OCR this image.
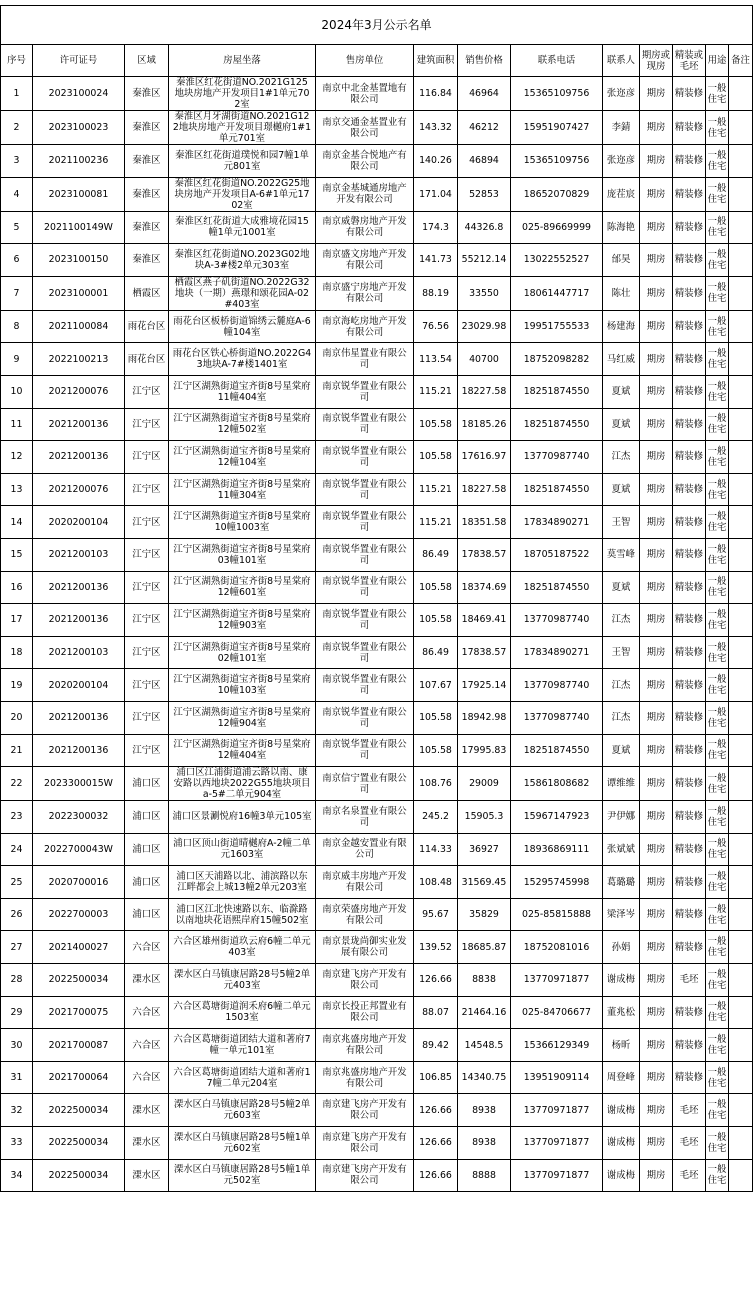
2024年3月公示名单												
序号	许可证号	区域	房屋坐落	售房单位	建筑面积	销售价格	联系电话	联系人	期房或现房	精装或毛坯	用途	备注
1	2023100024	秦淮区	秦淮区红花街道NO.2021G125地块房地产开发项目1#1单元702室	南京中北金基置地有限公司	116.84	46964	15365109756	张迩彦	期房	精装修	一般住宅	
2	2023100023	秦淮区	秦淮区月牙湖街道NO.2021G122地块房地产开发项目璟樾府1#1单元701室	南京交通金基置业有限公司	143.32	46212	15951907427	李錆	期房	精装修	一般住宅	
3	2021100236	秦淮区	秦淮区红花街道璞悦和园7幢1单元801室	南京金基合悦地产有限公司	140.26	46894	15365109756	张迩彦	期房	精装修	一般住宅	
4	2023100081	秦淮区	秦淮区红花街道NO.2022G25地块房地产开发项目A-6#1单元1702室	南京金基城通房地产开发有限公司	171.04	52853	18652070829	庞茬宸	期房	精装修	一般住宅	
5	2021100149W	秦淮区	秦淮区红花街道大成雅境花园15幢1单元1001室	南京威磐房地产开发有限公司	174.3	44326.8	025-89669999	陈海艳	期房	精装修	一般住宅	
6	2023100150	秦淮区	秦淮区红花街道NO.2023G02地块A-3#楼2单元303室	南京盛文房地产开发有限公司	141.73	55212.14	13022552527	邰昊	期房	精装修	一般住宅	
7	2023100001	栖霞区	栖霞区燕子矶街道NO.2022G32地块（一期）燕璟和颂花园A-02#403室	南京盛宁房地产开发有限公司	88.19	33550	18061447717	陈壮	期房	精装修	一般住宅	
8	2021100084	雨花台区	雨花台区板桥街道锦绣云麓庭A-6幢104室	南京海屹房地产开发有限公司	76.56	23029.98	19951755533	杨建海	期房	精装修	一般住宅	
9	2022100213	雨花台区	雨花台区铁心桥街道NO.2022G43地块A-7#楼1401室	南京伟星置业有限公司	113.54	40700	18752098282	马红威	期房	精装修	一般住宅	
10	2021200076	江宁区	江宁区湖熟街道宝齐街8号星棠府11幢404室	南京锐华置业有限公司	115.21	18227.58	18251874550	夏斌	期房	精装修	一般住宅	
11	2021200136	江宁区	江宁区湖熟街道宝齐街8号星棠府12幢502室	南京锐华置业有限公司	105.58	18185.26	18251874550	夏斌	期房	精装修	一般住宅	
12	2021200136	江宁区	江宁区湖熟街道宝齐街8号星棠府12幢104室	南京锐华置业有限公司	105.58	17616.97	13770987740	江杰	期房	精装修	一般住宅	
13	2021200076	江宁区	江宁区湖熟街道宝齐街8号星棠府11幢304室	南京锐华置业有限公司	115.21	18227.58	18251874550	夏斌	期房	精装修	一般住宅	
14	2020200104	江宁区	江宁区湖熟街道宝齐街8号星棠府10幢1003室	南京锐华置业有限公司	115.21	18351.58	17834890271	王智	期房	精装修	一般住宅	
15	2021200103	江宁区	江宁区湖熟街道宝齐街8号星棠府03幢101室	南京锐华置业有限公司	86.49	17838.57	18705187522	莫雪峰	期房	精装修	一般住宅	
16	2021200136	江宁区	江宁区湖熟街道宝齐街8号星棠府12幢601室	南京锐华置业有限公司	105.58	18374.69	18251874550	夏斌	期房	精装修	一般住宅	
17	2021200136	江宁区	江宁区湖熟街道宝齐街8号星棠府12幢903室	南京锐华置业有限公司	105.58	18469.41	13770987740	江杰	期房	精装修	一般住宅	
18	2021200103	江宁区	江宁区湖熟街道宝齐街8号星棠府02幢101室	南京锐华置业有限公司	86.49	17838.57	17834890271	王智	期房	精装修	一般住宅	
19	2020200104	江宁区	江宁区湖熟街道宝齐街8号星棠府10幢103室	南京锐华置业有限公司	107.67	17925.14	13770987740	江杰	期房	精装修	一般住宅	
20	2021200136	江宁区	江宁区湖熟街道宝齐街8号星棠府12幢904室	南京锐华置业有限公司	105.58	18942.98	13770987740	江杰	期房	精装修	一般住宅	
21	2021200136	江宁区	江宁区湖熟街道宝齐街8号星棠府12幢404室	南京锐华置业有限公司	105.58	17995.83	18251874550	夏斌	期房	精装修	一般住宅	
22	2023300015W	浦口区	浦口区江浦街道浦云路以南、康安路以西地块2022G55地块项目a-5#二单元904室	南京信宁置业有限公司	108.76	29009	15861808682	谭维维	期房	精装修	一般住宅	
23	2022300032	浦口区	浦口区景涮悦府16幢3单元105室	南京名泉置业有限公司	245.2	15905.3	15967147923	尹伊娜	期房	精装修	一般住宅	
24	2022700043W	浦口区	浦口区顶山街道晴樾府A-2幢二单元1603室	南京金越安置业有限公司	114.33	36927	18936869111	张斌斌	期房	精装修	一般住宅	
25	2020700016	浦口区	浦口区天浦路以北、浦滨路以东江畔都会上城13幢2单元203室	南京威丰房地产开发有限公司	108.48	31569.45	15295745998	葛璐璐	期房	精装修	一般住宅	
26	2022700003	浦口区	浦口区江北快速路以东、临滁路以南地块花语熙岸府15幢502室	南京荣盛房地产开发有限公司	95.67	35829	025-85815888	梁泽岑	期房	精装修	一般住宅	
27	2021400027	六合区	六合区雄州街道玖云府6幢二单元403室	南京景珑尚御实业发展有限公司	139.52	18685.87	18752081016	孙娟	期房	精装修	一般住宅	
28	2022500034	溧水区	溧水区白马镇康居路28号5幢2单元403室	南京建飞房产开发有限公司	126.66	8838	13770971877	谢成梅	期房	毛坯	一般住宅	
29	2021700075	六合区	六合区葛塘街道润禾府6幢二单元1503室	南京长投正邦置业有限公司	88.07	21464.16	025-84706677	董兆松	期房	精装修	一般住宅	
30	2021700087	六合区	六合区葛塘街道团结大道和著府7幢一单元101室	南京兆盛房地产开发有限公司	89.42	14548.5	15366129349	杨昕	期房	精装修	一般住宅	
31	2021700064	六合区	六合区葛塘街道团结大道和著府17幢二单元204室	南京兆盛房地产开发有限公司	106.85	14340.75	13951909114	周登峰	期房	精装修	一般住宅	
32	2022500034	溧水区	溧水区白马镇康居路28号5幢2单元603室	南京建飞房产开发有限公司	126.66	8938	13770971877	谢成梅	期房	毛坯	一般住宅	
33	2022500034	溧水区	溧水区白马镇康居路28号5幢1单元602室	南京建飞房产开发有限公司	126.66	8938	13770971877	谢成梅	期房	毛坯	一般住宅	
34	2022500034	溧水区	溧水区白马镇康居路28号5幢1单元502室	南京建飞房产开发有限公司	126.66	8888	13770971877	谢成梅	期房	毛坯	一般住宅	
